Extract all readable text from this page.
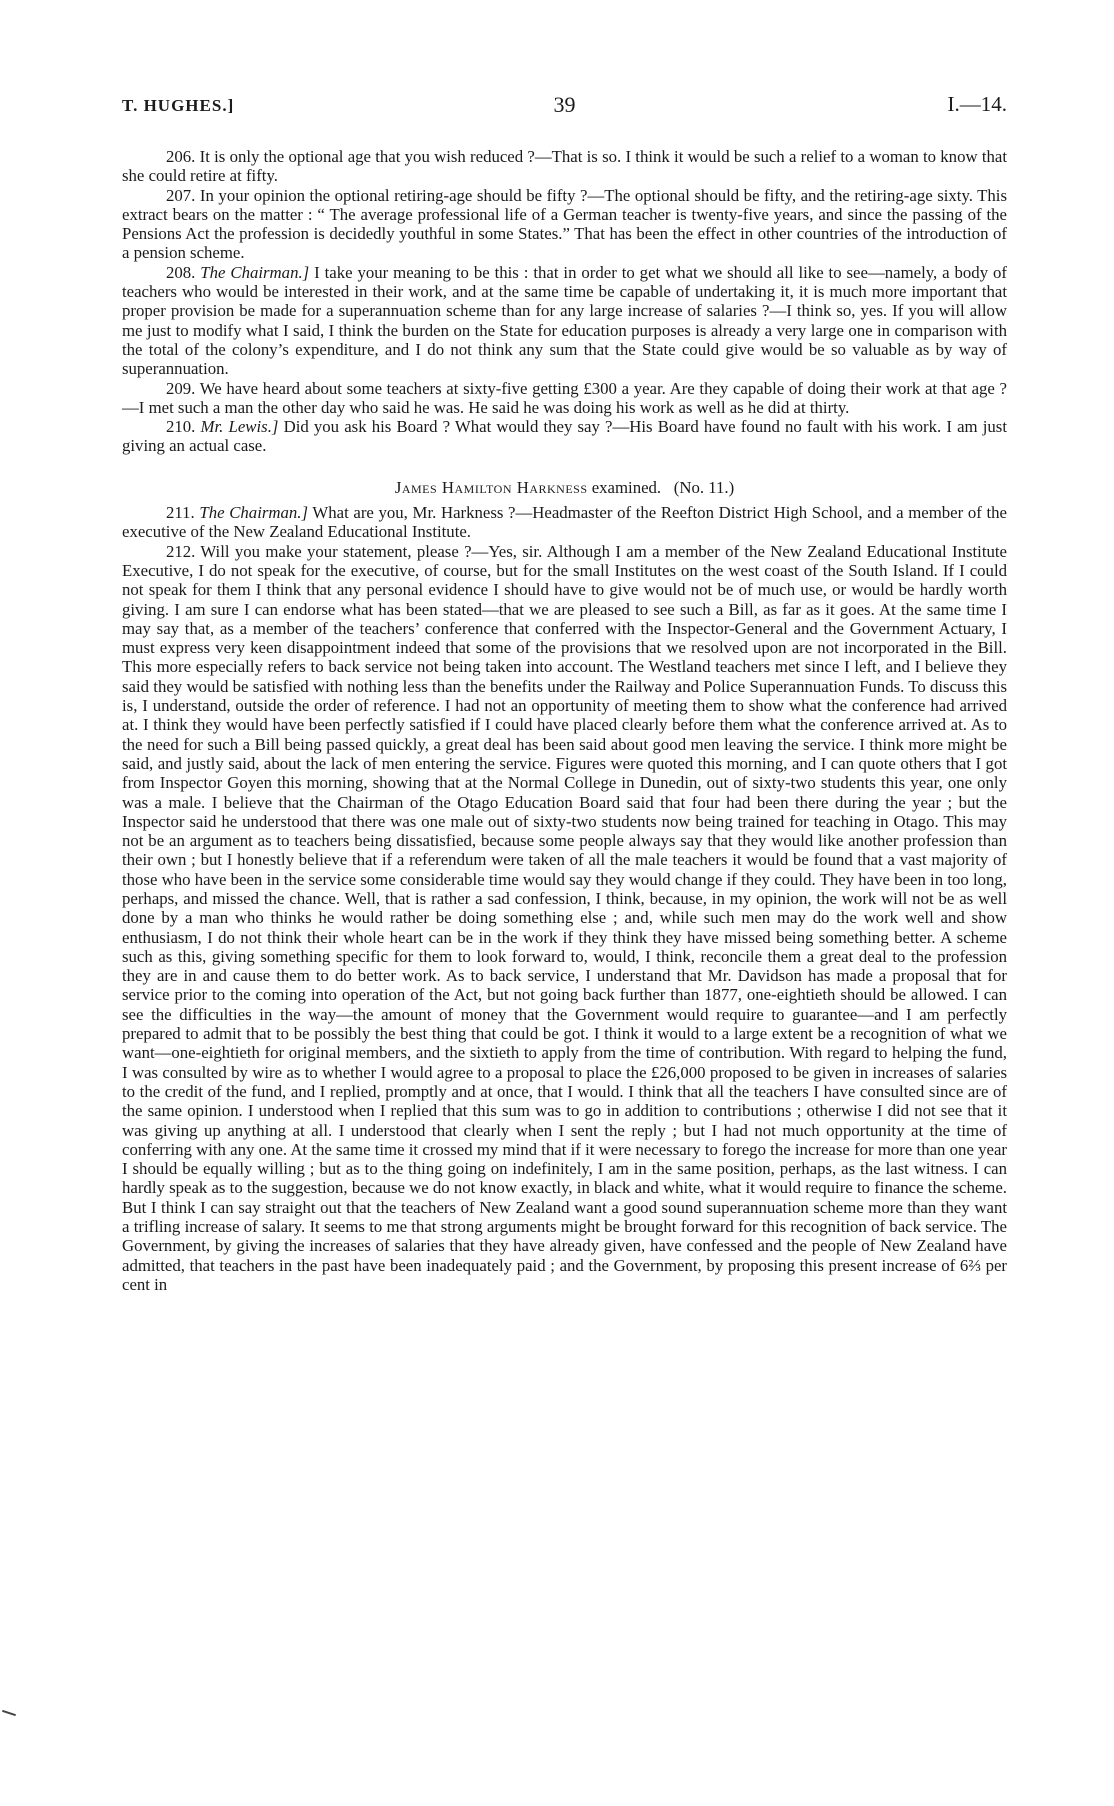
T. HUGHES.]	39	I.—14.

206. It is only the optional age that you wish reduced ?—That is so. I think it would be such a relief to a woman to know that she could retire at fifty.

207. In your opinion the optional retiring-age should be fifty ?—The optional should be fifty, and the retiring-age sixty. This extract bears on the matter : “ The average professional life of a German teacher is twenty-five years, and since the passing of the Pensions Act the profession is decidedly youthful in some States.” That has been the effect in other countries of the introduction of a pension scheme.

208. The Chairman.] I take your meaning to be this : that in order to get what we should all like to see—namely, a body of teachers who would be interested in their work, and at the same time be capable of undertaking it, it is much more important that proper provision be made for a superannuation scheme than for any large increase of salaries ?—I think so, yes. If you will allow me just to modify what I said, I think the burden on the State for education purposes is already a very large one in comparison with the total of the colony’s expenditure, and I do not think any sum that the State could give would be so valuable as by way of superannuation.

209. We have heard about some teachers at sixty-five getting £300 a year. Are they capable of doing their work at that age ?—I met such a man the other day who said he was. He said he was doing his work as well as he did at thirty.

210. Mr. Lewis.] Did you ask his Board ? What would they say ?—His Board have found no fault with his work. I am just giving an actual case.

James Hamilton Harkness examined. (No. 11.)

211. The Chairman.] What are you, Mr. Harkness ?—Headmaster of the Reefton District High School, and a member of the executive of the New Zealand Educational Institute.

212. Will you make your statement, please ?—Yes, sir. Although I am a member of the New Zealand Educational Institute Executive, I do not speak for the executive, of course, but for the small Institutes on the west coast of the South Island. If I could not speak for them I think that any personal evidence I should have to give would not be of much use, or would be hardly worth giving. I am sure I can endorse what has been stated—that we are pleased to see such a Bill, as far as it goes. At the same time I may say that, as a member of the teachers’ conference that conferred with the Inspector-General and the Government Actuary, I must express very keen disappointment indeed that some of the provisions that we resolved upon are not incorporated in the Bill. This more especially refers to back service not being taken into account. The Westland teachers met since I left, and I believe they said they would be satisfied with nothing less than the benefits under the Railway and Police Superannuation Funds. To discuss this is, I understand, outside the order of reference. I had not an opportunity of meeting them to show what the conference had arrived at. I think they would have been perfectly satisfied if I could have placed clearly before them what the conference arrived at. As to the need for such a Bill being passed quickly, a great deal has been said about good men leaving the service. I think more might be said, and justly said, about the lack of men entering the service. Figures were quoted this morning, and I can quote others that I got from Inspector Goyen this morning, showing that at the Normal College in Dunedin, out of sixty-two students this year, one only was a male. I believe that the Chairman of the Otago Education Board said that four had been there during the year ; but the Inspector said he understood that there was one male out of sixty-two students now being trained for teaching in Otago. This may not be an argument as to teachers being dissatisfied, because some people always say that they would like another profession than their own ; but I honestly believe that if a referendum were taken of all the male teachers it would be found that a vast majority of those who have been in the service some considerable time would say they would change if they could. They have been in too long, perhaps, and missed the chance. Well, that is rather a sad confession, I think, because, in my opinion, the work will not be as well done by a man who thinks he would rather be doing something else ; and, while such men may do the work well and show enthusiasm, I do not think their whole heart can be in the work if they think they have missed being something better. A scheme such as this, giving something specific for them to look forward to, would, I think, reconcile them a great deal to the profession they are in and cause them to do better work. As to back service, I understand that Mr. Davidson has made a proposal that for service prior to the coming into operation of the Act, but not going back further than 1877, one-eightieth should be allowed. I can see the difficulties in the way—the amount of money that the Government would require to guarantee—and I am perfectly prepared to admit that to be possibly the best thing that could be got. I think it would to a large extent be a recognition of what we want—one-eightieth for original members, and the sixtieth to apply from the time of contribution. With regard to helping the fund, I was consulted by wire as to whether I would agree to a proposal to place the £26,000 proposed to be given in increases of salaries to the credit of the fund, and I replied, promptly and at once, that I would. I think that all the teachers I have consulted since are of the same opinion. I understood when I replied that this sum was to go in addition to contributions ; otherwise I did not see that it was giving up anything at all. I understood that clearly when I sent the reply ; but I had not much opportunity at the time of conferring with any one. At the same time it crossed my mind that if it were necessary to forego the increase for more than one year I should be equally willing ; but as to the thing going on indefinitely, I am in the same position, perhaps, as the last witness. I can hardly speak as to the suggestion, because we do not know exactly, in black and white, what it would require to finance the scheme. But I think I can say straight out that the teachers of New Zealand want a good sound superannuation scheme more than they want a trifling increase of salary. It seems to me that strong arguments might be brought forward for this recognition of back service. The Government, by giving the increases of salaries that they have already given, have confessed and the people of New Zealand have admitted, that teachers in the past have been inadequately paid ; and the Government, by proposing this present increase of 6⅔ per cent in
